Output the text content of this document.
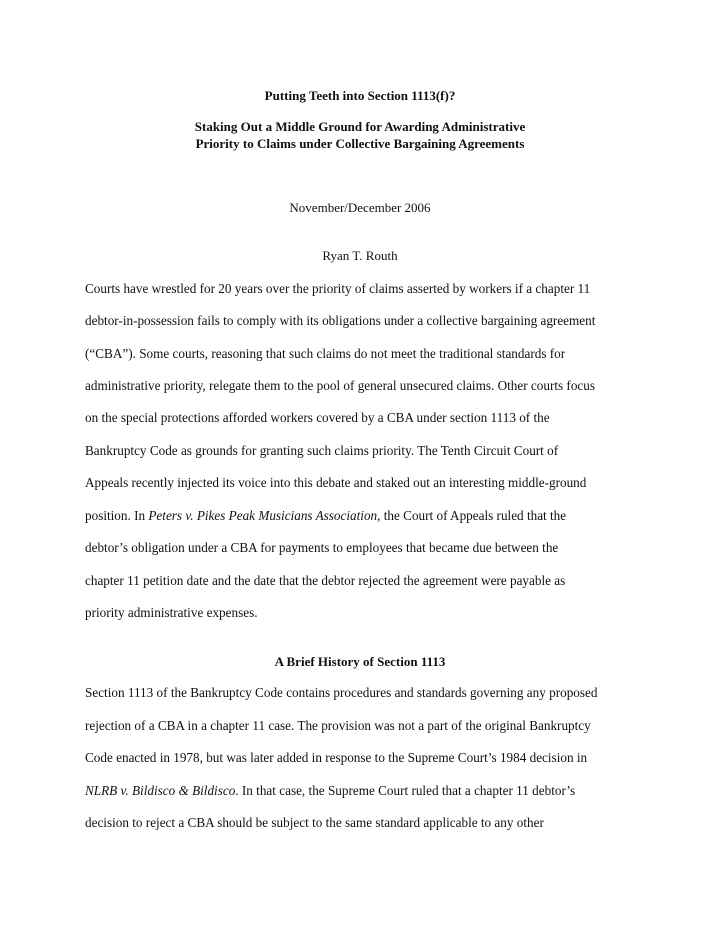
Putting Teeth into Section 1113(f)?
Staking Out a Middle Ground for Awarding Administrative
Priority to Claims under Collective Bargaining Agreements
November/December 2006
Ryan T. Routh
Courts have wrestled for 20 years over the priority of claims asserted by workers if a chapter 11
debtor-in-possession fails to comply with its obligations under a collective bargaining agreement
(“CBA”). Some courts, reasoning that such claims do not meet the traditional standards for
administrative priority, relegate them to the pool of general unsecured claims. Other courts focus
on the special protections afforded workers covered by a CBA under section 1113 of the
Bankruptcy Code as grounds for granting such claims priority. The Tenth Circuit Court of
Appeals recently injected its voice into this debate and staked out an interesting middle-ground
position. In Peters v. Pikes Peak Musicians Association, the Court of Appeals ruled that the
debtor’s obligation under a CBA for payments to employees that became due between the
chapter 11 petition date and the date that the debtor rejected the agreement were payable as
priority administrative expenses.
A Brief History of Section 1113
Section 1113 of the Bankruptcy Code contains procedures and standards governing any proposed
rejection of a CBA in a chapter 11 case. The provision was not a part of the original Bankruptcy
Code enacted in 1978, but was later added in response to the Supreme Court’s 1984 decision in
NLRB v. Bildisco & Bildisco. In that case, the Supreme Court ruled that a chapter 11 debtor’s
decision to reject a CBA should be subject to the same standard applicable to any other
